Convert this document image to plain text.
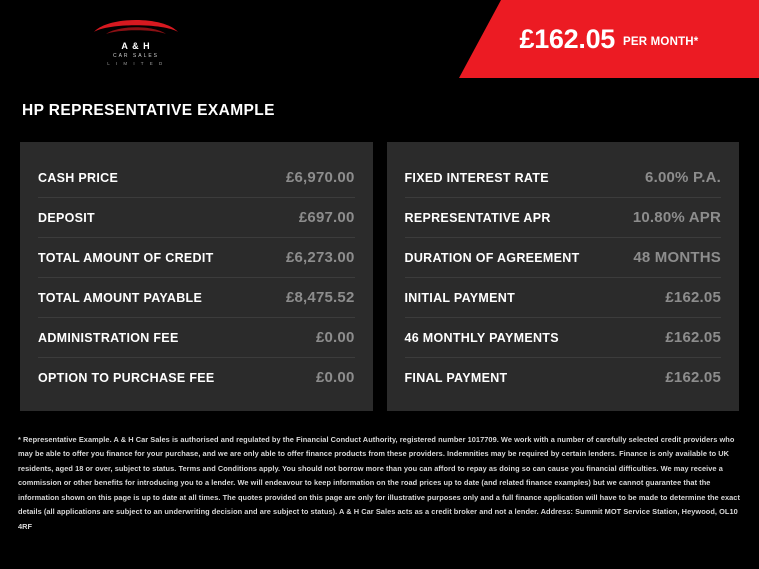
A & H
CAR SALES
L I M I T E D
£162.05 PER MONTH*
HP REPRESENTATIVE EXAMPLE
CASH PRICE	£6,970.00
DEPOSIT	£697.00
TOTAL AMOUNT OF CREDIT	£6,273.00
TOTAL AMOUNT PAYABLE	£8,475.52
ADMINISTRATION FEE	£0.00
OPTION TO PURCHASE FEE	£0.00
FIXED INTEREST RATE	6.00% P.A.
REPRESENTATIVE APR	10.80% APR
DURATION OF AGREEMENT	48 MONTHS
INITIAL PAYMENT	£162.05
46 MONTHLY PAYMENTS	£162.05
FINAL PAYMENT	£162.05
* Representative Example. A & H Car Sales is authorised and regulated by the Financial Conduct Authority, registered number 1017709. We work with a number of carefully selected credit providers who may be able to offer you finance for your purchase, and we are only able to offer finance products from these providers. Indemnities may be required by certain lenders. Finance is only available to UK residents, aged 18 or over, subject to status. Terms and Conditions apply. You should not borrow more than you can afford to repay as doing so can cause you financial difficulties. We may receive a commission or other benefits for introducing you to a lender. We will endeavour to keep information on the road prices up to date (and related finance examples) but we cannot guarantee that the information shown on this page is up to date at all times. The quotes provided on this page are only for illustrative purposes only and a full finance application will have to be made to determine the exact details (all applications are subject to an underwriting decision and are subject to status). A & H Car Sales acts as a credit broker and not a lender. Address: Summit MOT Service Station, Heywood, OL10 4RF
